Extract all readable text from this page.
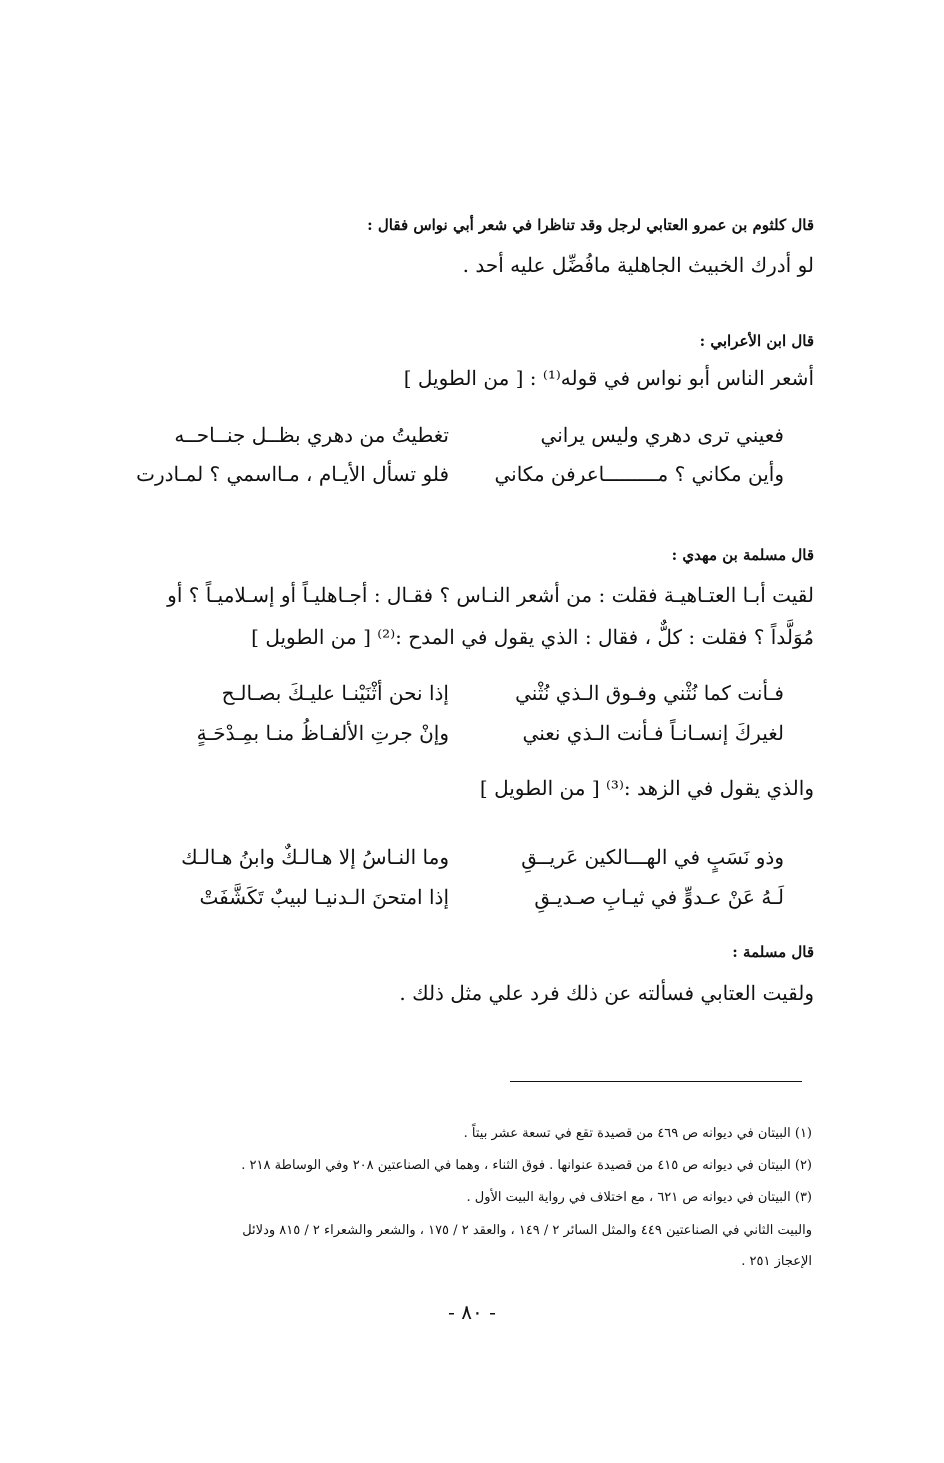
قال كلثوم بن عمرو العتابي لرجل وقد تناظرا في شعر أبي نواس فقال :
لو أدرك الخبيث الجاهلية مافُضِّل عليه أحد .
قال ابن الأعرابي :
أشعر الناس أبو نواس في قوله⁽¹⁾ : [ من الطويل ]
تغطيتُ من دهري بظــل جنــاحــه	فعيني ترى دهري وليس يراني
فلو تسأل الأيـام ، مـااسمي ؟ لمـادرت	وأين مكاني ؟ مـــــــــاعرفن مكاني
قال مسلمة بن مهدي :
لقيت أبـا العتـاهيـة فقلت : من أشعر النـاس ؟ فقـال : أجـاهليـاً أو إسـلاميـاً ؟ أو مُوَلَّداً ؟ فقلت : كلٌّ ، فقال : الذي يقول في المدح :⁽²⁾ [ من الطويل ]
إذا نحن أثْنَيْنـا عليـكَ بصـالـح	فـأنت كما نُثْني وفـوق الـذي نُثْني
وإنْ جرتِ الألفـاظُ منـا بمِـدْحَـةٍ	لغيركَ إنسـانـاً فـأنت الـذي نعني
والذي يقول في الزهد :⁽³⁾ [ من الطويل ]
وما النـاسُ إلا هـالـكٌ وابنُ هـالـك	وذو نَسَبٍ في الهـــالكين عَريــقِ
إذا امتحنَ الـدنيـا لبيبٌ تَكَشَّفَتْ	لَـهُ عَنْ عـدوٍّ في ثيـابِ صـديـقِ
قال مسلمة :
ولقيت العتابي فسألته عن ذلك فرد علي مثل ذلك .
(١) البيتان في ديوانه ص ٤٦٩ من قصيدة تقع في تسعة عشر بيتاً .
(٢) البيتان في ديوانه ص ٤١٥ من قصيدة عنوانها . فوق الثناء ، وهما في الصناعتين ٢٠٨ وفي الوساطة ٢١٨ .
(٣) البيتان في ديوانه ص ٦٢١ ، مع اختلاف في رواية البيت الأول .
والبيت الثاني في الصناعتين ٤٤٩ والمثل السائر ٢ / ١٤٩ ، والعقد ٢ / ١٧٥ ، والشعر والشعراء ٢ / ٨١٥ ودلائل
الإعجاز ٢٥١ .
- ٨٠ -
